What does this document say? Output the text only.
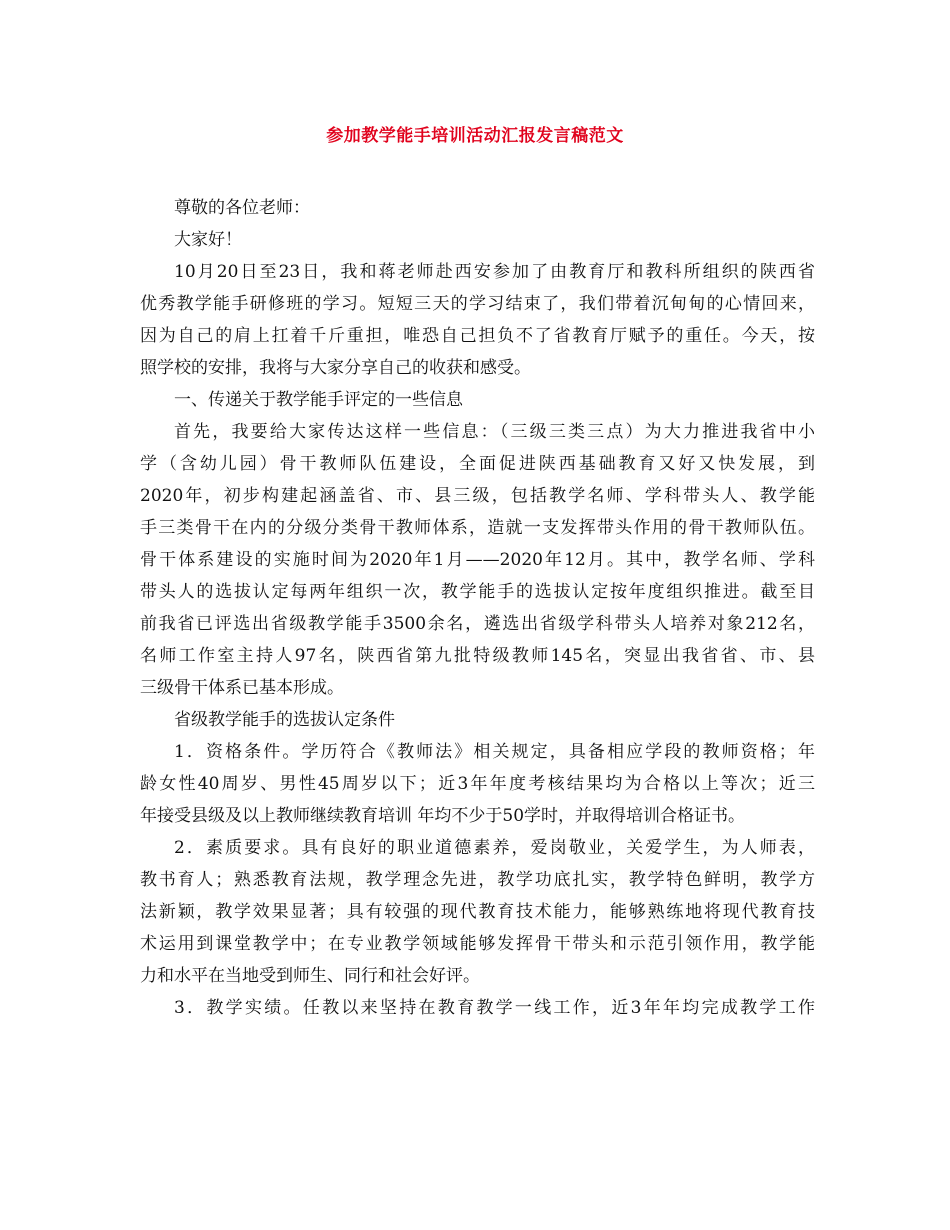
参加教学能手培训活动汇报发言稿范文
尊敬的各位老师：
大家好！
10月20日至23日，我和蒋老师赴西安参加了由教育厅和教科所组织的陕西省
优秀教学能手研修班的学习。短短三天的学习结束了，我们带着沉甸甸的心情回来，
因为自己的肩上扛着千斤重担，唯恐自己担负不了省教育厅赋予的重任。今天，按
照学校的安排，我将与大家分享自己的收获和感受。
一、传递关于教学能手评定的一些信息
首先，我要给大家传达这样一些信息：（三级三类三点）为大力推进我省中小
学（含幼儿园）骨干教师队伍建设，全面促进陕西基础教育又好又快发展，到
2020年，初步构建起涵盖省、市、县三级，包括教学名师、学科带头人、教学能
手三类骨干在内的分级分类骨干教师体系，造就一支发挥带头作用的骨干教师队伍。
骨干体系建设的实施时间为2020年1月——2020年12月。其中，教学名师、学科
带头人的选拔认定每两年组织一次，教学能手的选拔认定按年度组织推进。截至目
前我省已评选出省级教学能手3500余名，遴选出省级学科带头人培养对象212名，
名师工作室主持人97名，陕西省第九批特级教师145名，突显出我省省、市、县
三级骨干体系已基本形成。
省级教学能手的选拔认定条件
1．资格条件。学历符合《教师法》相关规定，具备相应学段的教师资格；年
龄女性40周岁、男性45周岁以下；近3年年度考核结果均为合格以上等次；近三
年接受县级及以上教师继续教育培训 年均不少于50学时，并取得培训合格证书。
2．素质要求。具有良好的职业道德素养，爱岗敬业，关爱学生，为人师表，
教书育人；熟悉教育法规，教学理念先进，教学功底扎实，教学特色鲜明，教学方
法新颖，教学效果显著；具有较强的现代教育技术能力，能够熟练地将现代教育技
术运用到课堂教学中；在专业教学领域能够发挥骨干带头和示范引领作用，教学能
力和水平在当地受到师生、同行和社会好评。
3．教学实绩。任教以来坚持在教育教学一线工作，近3年年均完成教学工作
